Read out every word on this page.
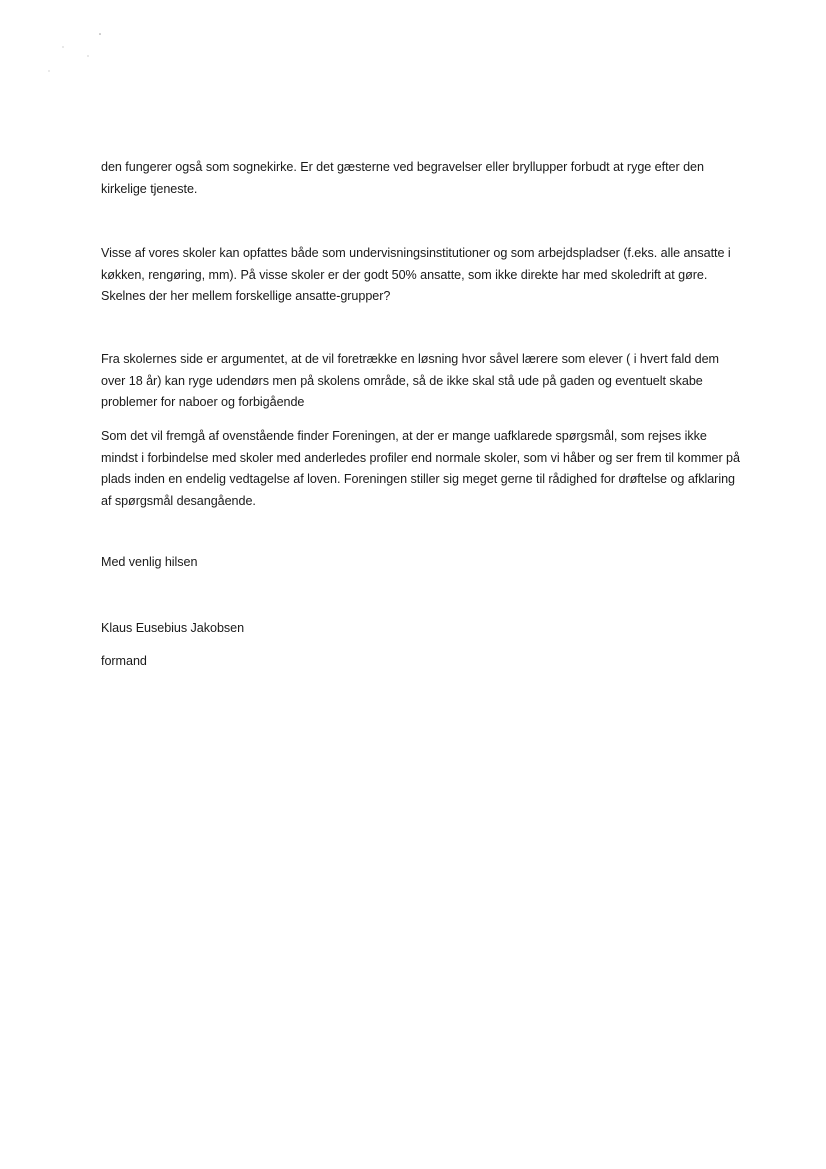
den fungerer også som sognekirke. Er det gæsterne ved begravelser eller bryllupper forbudt at ryge efter den kirkelige tjeneste.

Visse af vores skoler kan opfattes både som undervisningsinstitutioner og som arbejdspladser (f.eks. alle ansatte i køkken, rengøring, mm). På visse skoler er der godt 50% ansatte, som ikke direkte har med skoledrift at gøre. Skelnes der her mellem forskellige ansatte-grupper?

Fra skolernes side er argumentet, at de vil foretrække en løsning hvor såvel lærere som elever ( i hvert fald dem over 18 år) kan ryge udendørs men på skolens område, så de ikke skal stå ude på gaden og eventuelt skabe problemer for naboer og forbigående

Som det vil fremgå af ovenstående finder Foreningen, at der er mange uafklarede spørgsmål, som rejses ikke mindst i forbindelse med skoler med anderledes profiler end normale skoler, som vi håber og ser frem til kommer på plads inden en endelig vedtagelse af loven. Foreningen stiller sig meget gerne til rådighed for drøftelse og afklaring af spørgsmål desangående.

Med venlig hilsen

Klaus Eusebius Jakobsen

formand
